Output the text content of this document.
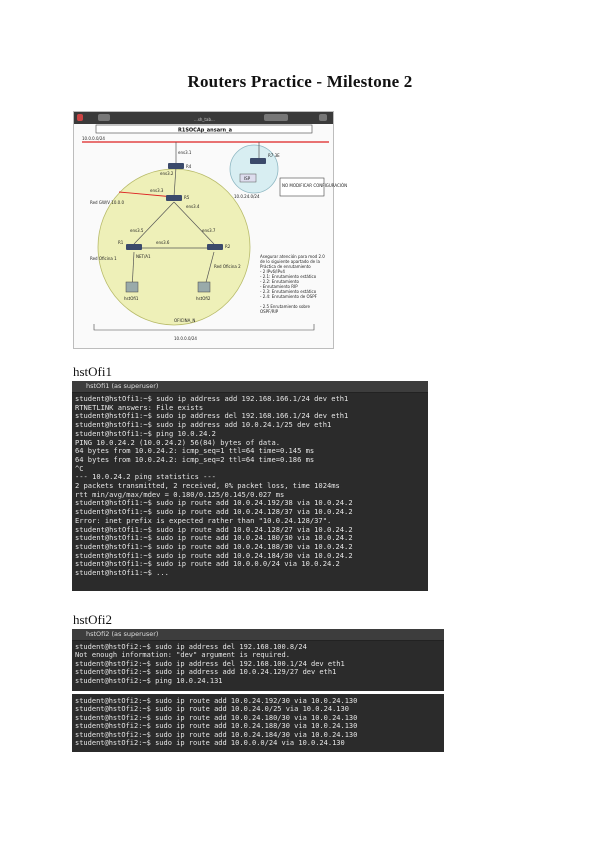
Routers Practice - Milestone 2
...sh_tab...
R1SOCAp_ansarn_a
10.0.0.0/24
R4
ens3.1
ens3.2
R5
ens3.3
ens3.4
Red GW/V 10.0.0
R1
ens3.5
ens3.6
R2
ens3.7
Red Oficina 1	NET/A1
Red Oficina 2
hstOfi1	hstOfi2
R7 3E
ISP
10.0.24.0/24
NO MODIFICAR CONFIGURACIÓN
Asegurar atención para mod 2.0
de lo siguiente apartado de la
Práctica de enrutamiento
- 2 IPv6/IPv4
- 2.1: Enrutamiento estático
- 2.2: Enrutamiento
- Enrutamiento RIP
- 2.3: Enrutamiento estático
- 2.4: Enrutamiento de OSPF
- 2.5 Enrutamiento sobre
OSPF/RIP
OFICINA_N
10.0.0.0/24
hstOfi1
hstOfi1 (as superuser)
student@hstOfi1:~$ sudo ip address add 192.168.166.1/24 dev eth1
RTNETLINK answers: File exists
student@hstOfi1:~$ sudo ip address del 192.168.166.1/24 dev eth1
student@hstOfi1:~$ sudo ip address add 10.0.24.1/25 dev eth1
student@hstOfi1:~$ ping 10.0.24.2
PING 10.0.24.2 (10.0.24.2) 56(84) bytes of data.
64 bytes from 10.0.24.2: icmp_seq=1 ttl=64 time=0.145 ms
64 bytes from 10.0.24.2: icmp_seq=2 ttl=64 time=0.186 ms
^C
--- 10.0.24.2 ping statistics ---
2 packets transmitted, 2 received, 0% packet loss, time 1024ms
rtt min/avg/max/mdev = 0.180/0.125/0.145/0.027 ms
student@hstOfi1:~$ sudo ip route add 10.0.24.192/38 via 10.0.24.2
student@hstOfi1:~$ sudo ip route add 10.0.24.128/37 via 10.0.24.2
Error: inet prefix is expected rather than "10.0.24.128/37".
student@hstOfi1:~$ sudo ip route add 10.0.24.128/27 via 10.0.24.2
student@hstOfi1:~$ sudo ip route add 10.0.24.180/30 via 10.0.24.2
student@hstOfi1:~$ sudo ip route add 10.0.24.188/30 via 10.0.24.2
student@hstOfi1:~$ sudo ip route add 10.0.24.184/30 via 10.0.24.2
student@hstOfi1:~$ sudo ip route add 10.0.0.0/24 via 10.0.24.2
student@hstOfi1:~$ ...
hstOfi2
hstOfi2 (as superuser)
student@hstOfi2:~$ sudo ip address del 192.168.100.8/24
Not enough information: "dev" argument is required.
student@hstOfi2:~$ sudo ip address del 192.168.100.1/24 dev eth1
student@hstOfi2:~$ sudo ip address add 10.0.24.129/27 dev eth1
student@hstOfi2:~$ ping 10.0.24.131
student@hstOfi2:~$ sudo ip route add 10.0.24.192/30 via 10.0.24.130
student@hstOfi2:~$ sudo ip route add 10.0.24.0/25 via 10.0.24.130
student@hstOfi2:~$ sudo ip route add 10.0.24.180/30 via 10.0.24.130
student@hstOfi2:~$ sudo ip route add 10.0.24.188/30 via 10.0.24.130
student@hstOfi2:~$ sudo ip route add 10.0.24.184/30 via 10.0.24.130
student@hstOfi2:~$ sudo ip route add 10.0.0.0/24 via 10.0.24.130
